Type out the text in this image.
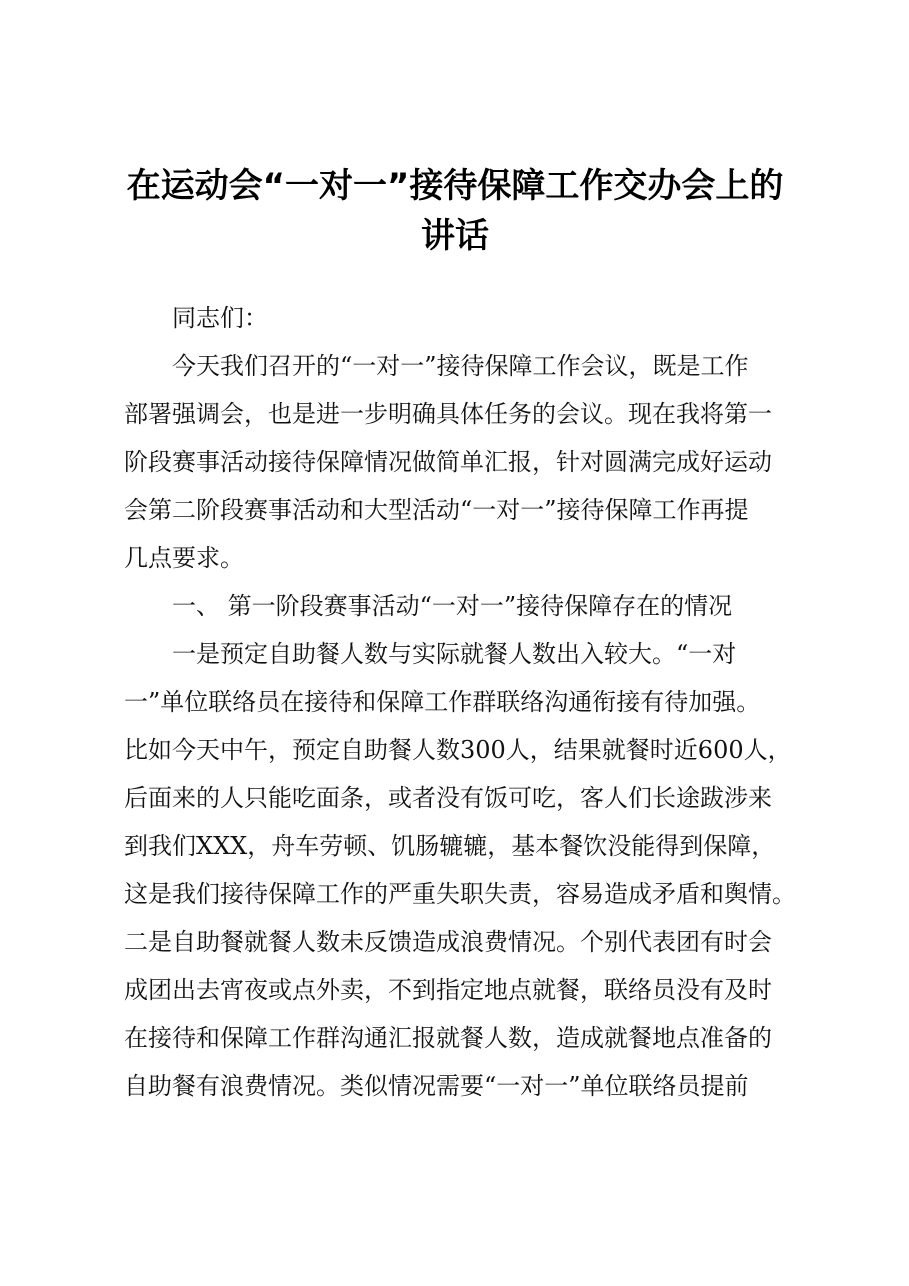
在运动会“一对一”接待保障工作交办会上的
讲话
同志们：
今天我们召开的“一对一”接待保障工作会议，既是工作
部署强调会，也是进一步明确具体任务的会议。现在我将第一
阶段赛事活动接待保障情况做简单汇报，针对圆满完成好运动
会第二阶段赛事活动和大型活动“一对一”接待保障工作再提
几点要求。
一、 第一阶段赛事活动“一对一”接待保障存在的情况
一是预定自助餐人数与实际就餐人数出入较大。“一对
一”单位联络员在接待和保障工作群联络沟通衔接有待加强。
比如今天中午，预定自助餐人数300人，结果就餐时近600人，
后面来的人只能吃面条，或者没有饭可吃，客人们长途跋涉来
到我们XXX，舟车劳顿、饥肠辘辘，基本餐饮没能得到保障，
这是我们接待保障工作的严重失职失责，容易造成矛盾和舆情。
二是自助餐就餐人数未反馈造成浪费情况。个别代表团有时会
成团出去宵夜或点外卖，不到指定地点就餐，联络员没有及时
在接待和保障工作群沟通汇报就餐人数，造成就餐地点准备的
自助餐有浪费情况。类似情况需要“一对一”单位联络员提前
